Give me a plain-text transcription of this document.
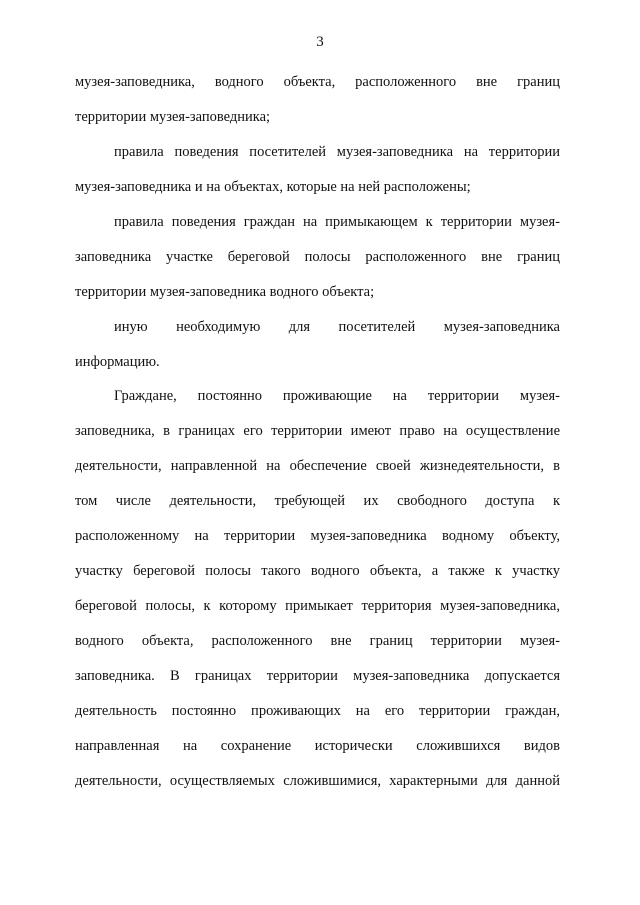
3
музея-заповедника, водного объекта, расположенного вне границ
территории музея-заповедника;
правила поведения посетителей музея-заповедника на территории
музея-заповедника и на объектах, которые на ней расположены;
правила поведения граждан на примыкающем к территории музея-
заповедника участке береговой полосы расположенного вне границ
территории музея-заповедника водного объекта;
иную необходимую для посетителей музея-заповедника
информацию.
Граждане, постоянно проживающие на территории музея-
заповедника, в границах его территории имеют право на осуществление
деятельности, направленной на обеспечение своей жизнедеятельности, в
том числе деятельности, требующей их свободного доступа к
расположенному на территории музея-заповедника водному объекту,
участку береговой полосы такого водного объекта, а также к участку
береговой полосы, к которому примыкает территория музея-заповедника,
водного объекта, расположенного вне границ территории музея-
заповедника. В границах территории музея-заповедника допускается
деятельность постоянно проживающих на его территории граждан,
направленная на сохранение исторически сложившихся видов
деятельности, осуществляемых сложившимися, характерными для данной
